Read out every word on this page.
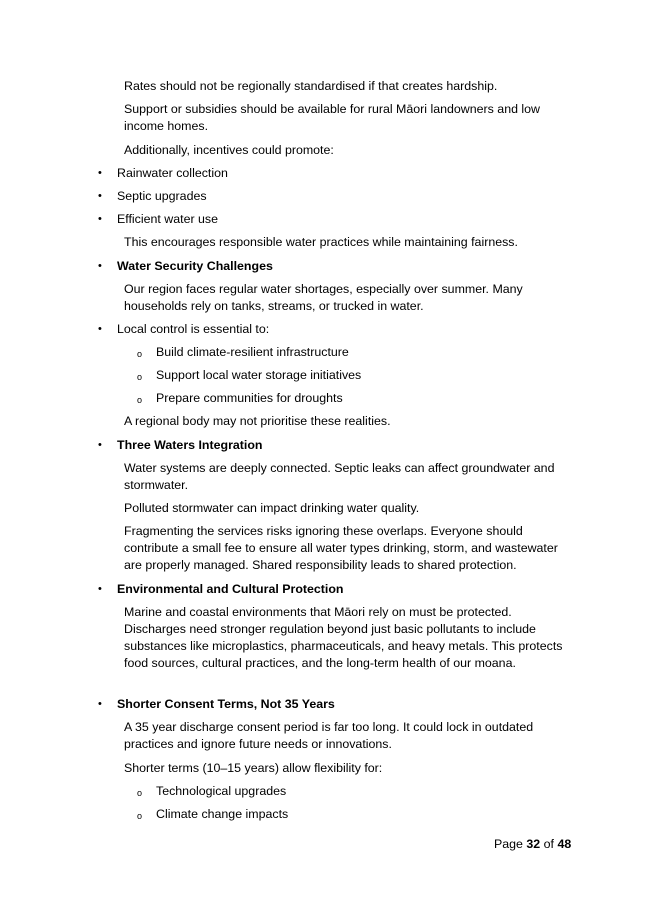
Rates should not be regionally standardised if that creates hardship.

Support or subsidies should be available for rural Māori landowners and low income homes.

Additionally, incentives could promote:

• Rainwater collection
• Septic upgrades
• Efficient water use

This encourages responsible water practices while maintaining fairness.

• Water Security Challenges

Our region faces regular water shortages, especially over summer. Many households rely on tanks, streams, or trucked in water.

• Local control is essential to:
o Build climate-resilient infrastructure
o Support local water storage initiatives
o Prepare communities for droughts

A regional body may not prioritise these realities.

• Three Waters Integration

Water systems are deeply connected. Septic leaks can affect groundwater and stormwater.

Polluted stormwater can impact drinking water quality.

Fragmenting the services risks ignoring these overlaps. Everyone should contribute a small fee to ensure all water types drinking, storm, and wastewater are properly managed. Shared responsibility leads to shared protection.

• Environmental and Cultural Protection

Marine and coastal environments that Māori rely on must be protected. Discharges need stronger regulation beyond just basic pollutants to include substances like microplastics, pharmaceuticals, and heavy metals. This protects food sources, cultural practices, and the long-term health of our moana.

• Shorter Consent Terms, Not 35 Years

A 35 year discharge consent period is far too long. It could lock in outdated practices and ignore future needs or innovations.

Shorter terms (10–15 years) allow flexibility for:

o Technological upgrades
o Climate change impacts
Page 32 of 48
